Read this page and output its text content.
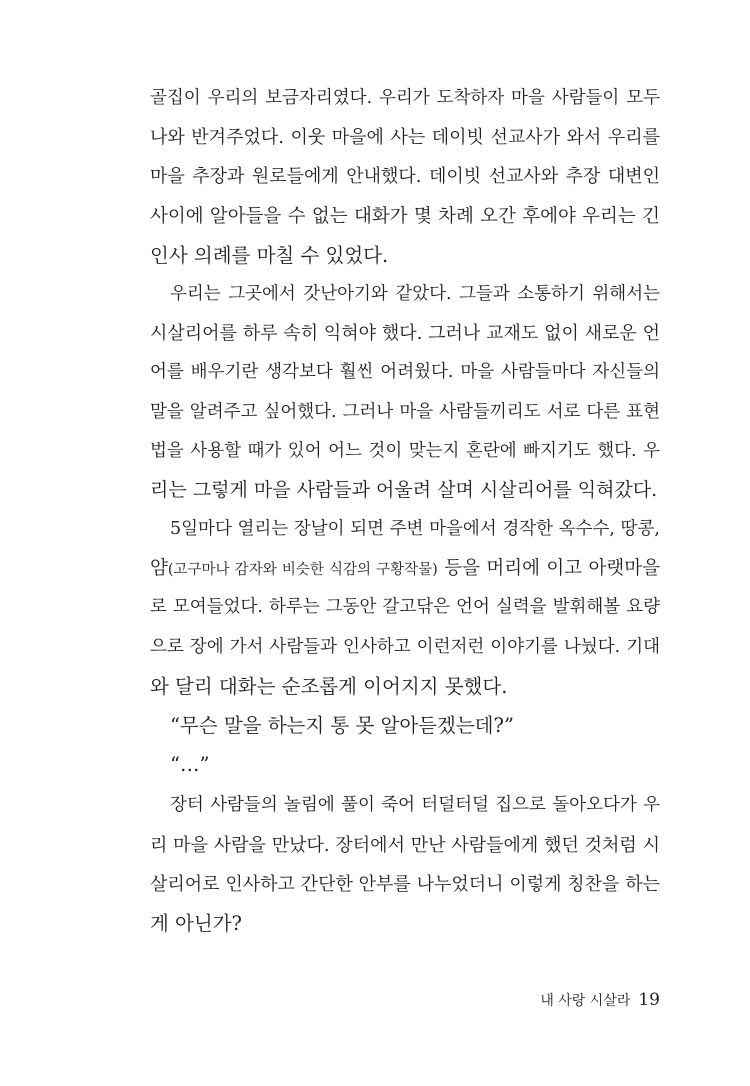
골집이 우리의 보금자리였다. 우리가 도착하자 마을 사람들이 모두
나와 반겨주었다. 이웃 마을에 사는 데이빗 선교사가 와서 우리를
마을 추장과 원로들에게 안내했다. 데이빗 선교사와 추장 대변인
사이에 알아들을 수 없는 대화가 몇 차례 오간 후에야 우리는 긴
인사 의례를 마칠 수 있었다.
우리는 그곳에서 갓난아기와 같았다. 그들과 소통하기 위해서는
시살리어를 하루 속히 익혀야 했다. 그러나 교재도 없이 새로운 언
어를 배우기란 생각보다 훨씬 어려웠다. 마을 사람들마다 자신들의
말을 알려주고 싶어했다. 그러나 마을 사람들끼리도 서로 다른 표현
법을 사용할 때가 있어 어느 것이 맞는지 혼란에 빠지기도 했다. 우
리는 그렇게 마을 사람들과 어울려 살며 시살리어를 익혀갔다.
5일마다 열리는 장날이 되면 주변 마을에서 경작한 옥수수, 땅콩,
얌(고구마나 감자와 비슷한 식감의 구황작물) 등을 머리에 이고 아랫마을
로 모여들었다. 하루는 그동안 갈고닦은 언어 실력을 발휘해볼 요량
으로 장에 가서 사람들과 인사하고 이런저런 이야기를 나눴다. 기대
와 달리 대화는 순조롭게 이어지지 못했다.
“무슨 말을 하는지 통 못 알아듣겠는데?”
“…”
장터 사람들의 놀림에 풀이 죽어 터덜터덜 집으로 돌아오다가 우
리 마을 사람을 만났다. 장터에서 만난 사람들에게 했던 것처럼 시
살리어로 인사하고 간단한 안부를 나누었더니 이렇게 칭찬을 하는
게 아닌가?
내 사랑 시살라 19
